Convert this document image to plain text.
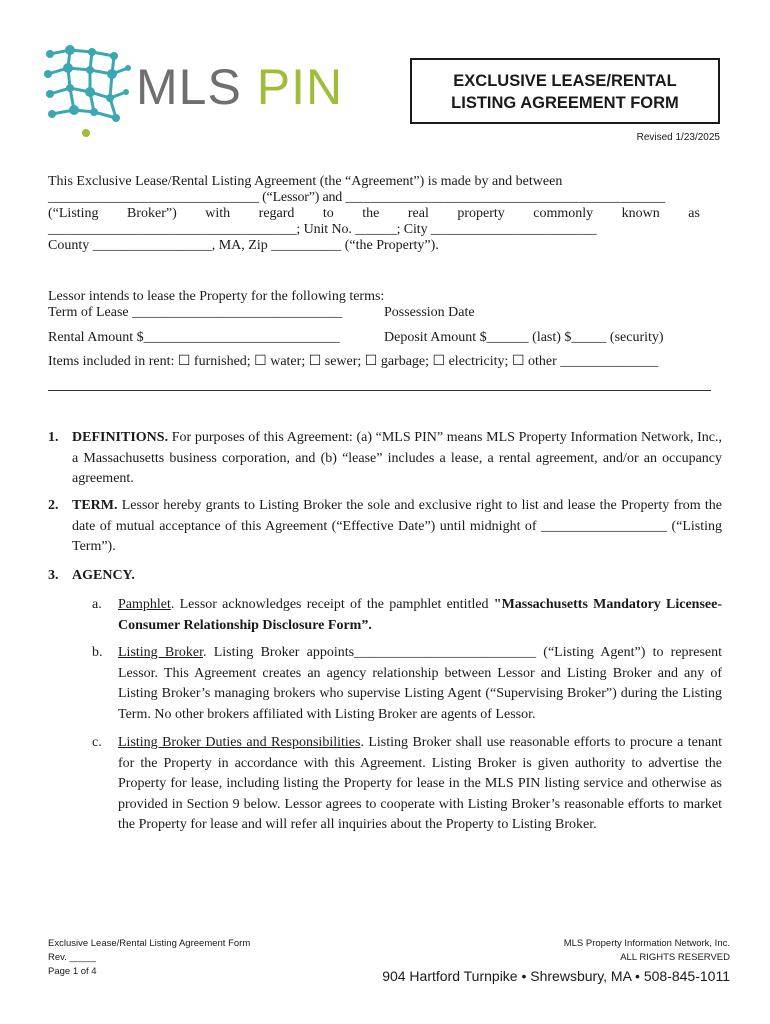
MLS PIN	EXCLUSIVE LEASE/RENTAL
LISTING AGREEMENT FORM
Revised 1/23/2025
This Exclusive Lease/Rental Listing Agreement (the “Agreement”) is made by and between
_______________________________ (“Lessor”) and _______________________________________________
(“Listing Broker”) with regard to the real property commonly known as
____________________________________; Unit No. ______; City ________________________
County _________________, MA, Zip __________ (“the Property”).
Lessor intends to lease the Property for the following terms:
Term of Lease ______________________________	Possession Date
Rental Amount $____________________________	Deposit Amount $______ (last) $_____ (security)
Items included in rent: ☐ furnished; ☐ water; ☐ sewer; ☐ garbage; ☐ electricity; ☐ other ______________
1. DEFINITIONS. For purposes of this Agreement: (a) “MLS PIN” means MLS Property Information Network, Inc., a Massachusetts business corporation, and (b) “lease” includes a lease, a rental agreement, and/or an occupancy agreement.
2. TERM. Lessor hereby grants to Listing Broker the sole and exclusive right to list and lease the Property from the date of mutual acceptance of this Agreement (“Effective Date”) until midnight of __________________ (“Listing Term”).
3. AGENCY.
a. Pamphlet. Lessor acknowledges receipt of the pamphlet entitled "Massachusetts Mandatory Licensee-Consumer Relationship Disclosure Form”.
b. Listing Broker. Listing Broker appoints__________________________ (“Listing Agent”) to represent Lessor. This Agreement creates an agency relationship between Lessor and Listing Broker and any of Listing Broker’s managing brokers who supervise Listing Agent (“Supervising Broker”) during the Listing Term. No other brokers affiliated with Listing Broker are agents of Lessor.
c. Listing Broker Duties and Responsibilities. Listing Broker shall use reasonable efforts to procure a tenant for the Property in accordance with this Agreement. Listing Broker is given authority to advertise the Property for lease, including listing the Property for lease in the MLS PIN listing service and otherwise as provided in Section 9 below. Lessor agrees to cooperate with Listing Broker’s reasonable efforts to market the Property for lease and will refer all inquiries about the Property to Listing Broker.
Exclusive Lease/Rental Listing Agreement Form
Rev. _____
Page 1 of 4
MLS Property Information Network, Inc.
ALL RIGHTS RESERVED
904 Hartford Turnpike • Shrewsbury, MA • 508-845-1011
